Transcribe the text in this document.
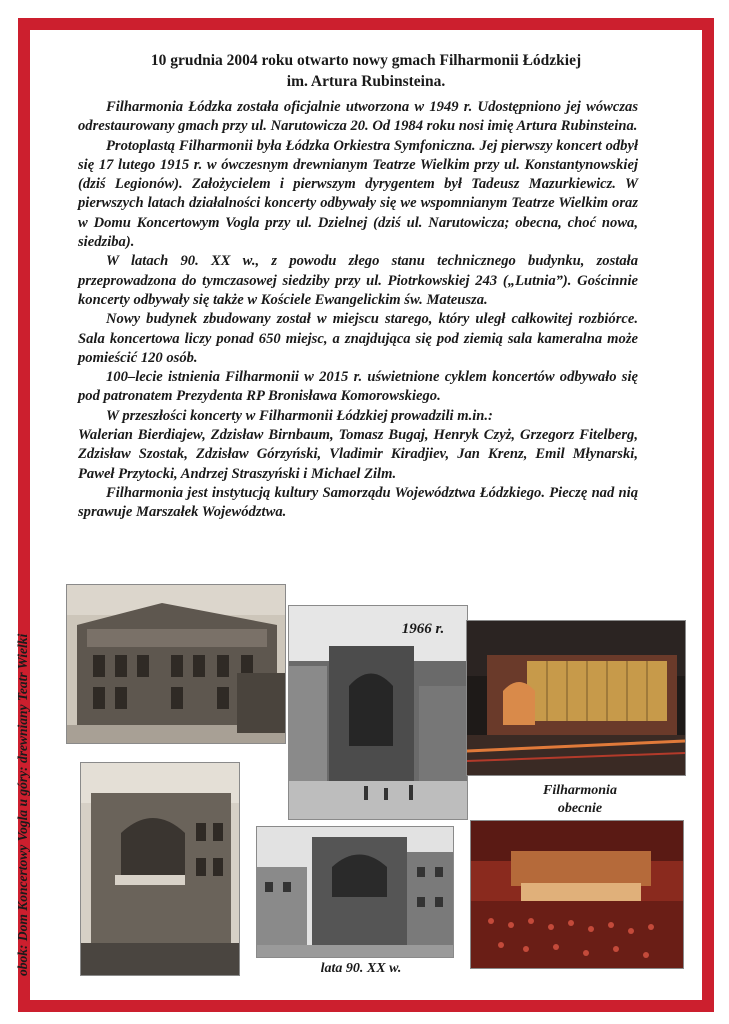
10 grudnia 2004 roku otwarto nowy gmach Filharmonii Łódzkiej
im. Artura Rubinsteina.

Filharmonia Łódzka została oficjalnie utworzona w 1949 r. Udostępniono jej wówczas odrestaurowany gmach przy ul. Narutowicza 20. Od 1984 roku nosi imię Artura Rubinsteina.

Protoplastą Filharmonii była Łódzka Orkiestra Symfoniczna. Jej pierwszy koncert odbył się 17 lutego 1915 r. w ówczesnym drewnianym Teatrze Wielkim przy ul. Konstantynowskiej (dziś Legionów). Założycielem i pierwszym dyrygentem był Tadeusz Mazurkiewicz. W pierwszych latach działalności koncerty odbywały się we wspomnianym Teatrze Wielkim oraz w Domu Koncertowym Vogla przy ul. Dzielnej (dziś ul. Narutowicza; obecna, choć nowa, siedziba).

W latach 90. XX w., z powodu złego stanu technicznego budynku, została przeprowadzona do tymczasowej siedziby przy ul. Piotrkowskiej 243 („Lutnia”). Gościnnie koncerty odbywały się także w Kościele Ewangelickim św. Mateusza.

Nowy budynek zbudowany został w miejscu starego, który uległ całkowitej rozbiórce. Sala koncertowa liczy ponad 650 miejsc, a znajdująca się pod ziemią sala kameralna może pomieścić 120 osób.

100–lecie istnienia Filharmonii w 2015 r. uświetnione cyklem koncertów odbywało się pod patronatem Prezydenta RP Bronisława Komorowskiego.

W przeszłości koncerty w Filharmonii Łódzkiej prowadzili m.in.:

Walerian Bierdiajew, Zdzisław Birnbaum, Tomasz Bugaj, Henryk Czyż, Grzegorz Fitelberg, Zdzisław Szostak, Zdzisław Górzyński, Vladimir Kiradjiev, Jan Krenz, Emil Młynarski, Paweł Przytocki, Andrzej Straszyński i Michael Zilm.

Filharmonia jest instytucją kultury Samorządu Województwa Łódzkiego. Pieczę nad nią sprawuje Marszałek Województwa.

1966 r.
Filharmonia
obecnie
lata 90. XX w.
obok: Dom Koncertowy Vogla u góry: drewniany Teatr Wielki
